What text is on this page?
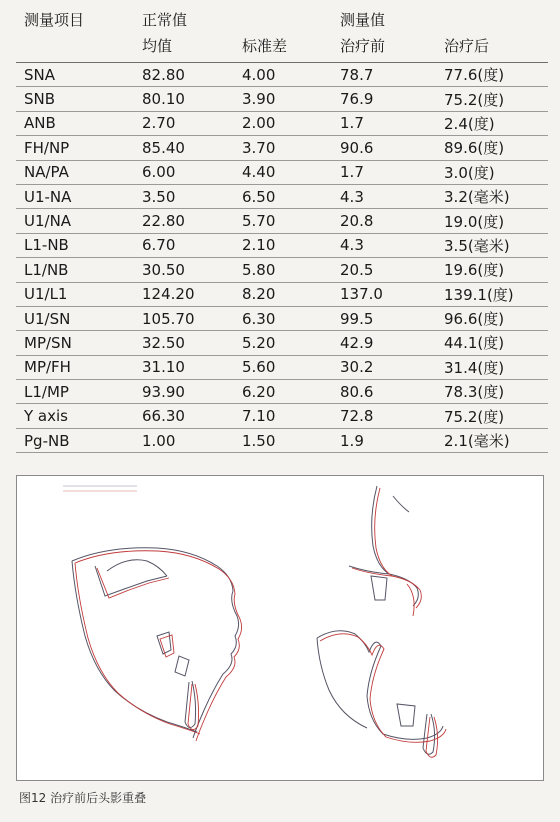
测量项目	正常值		测量值	
	均值	标准差	治疗前	治疗后
SNA	82.80	4.00	78.7	77.6(度)
SNB	80.10	3.90	76.9	75.2(度)
ANB	2.70	2.00	1.7	2.4(度)
FH/NP	85.40	3.70	90.6	89.6(度)
NA/PA	6.00	4.40	1.7	3.0(度)
U1-NA	3.50	6.50	4.3	3.2(毫米)
U1/NA	22.80	5.70	20.8	19.0(度)
L1-NB	6.70	2.10	4.3	3.5(毫米)
L1/NB	30.50	5.80	20.5	19.6(度)
U1/L1	124.20	8.20	137.0	139.1(度)
U1/SN	105.70	6.30	99.5	96.6(度)
MP/SN	32.50	5.20	42.9	44.1(度)
MP/FH	31.10	5.60	30.2	31.4(度)
L1/MP	93.90	6.20	80.6	78.3(度)
Y axis	66.30	7.10	72.8	75.2(度)
Pg-NB	1.00	1.50	1.9	2.1(毫米)
图12 治疗前后头影重叠
